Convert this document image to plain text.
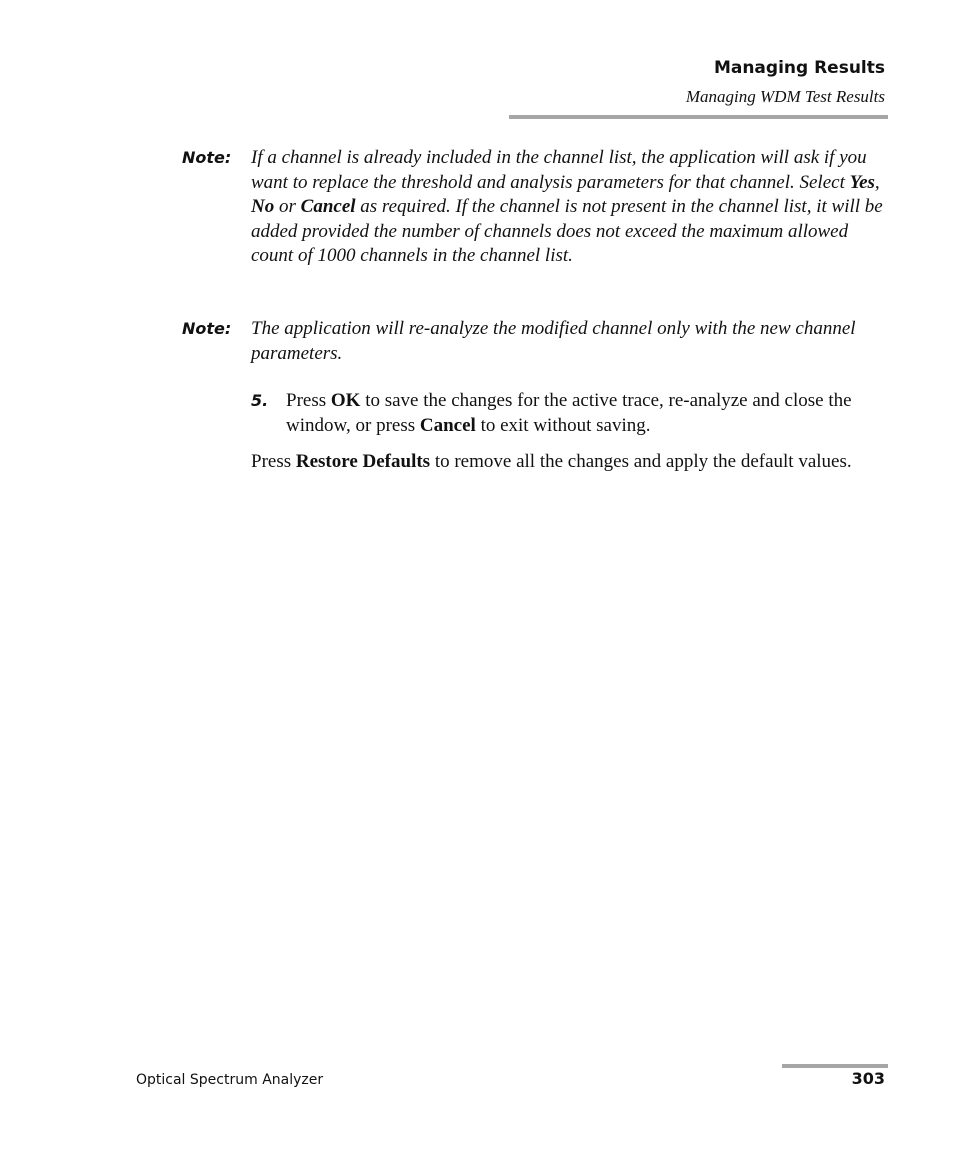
Managing Results
Managing WDM Test Results
Note: If a channel is already included in the channel list, the application will ask if you want to replace the threshold and analysis parameters for that channel. Select Yes, No or Cancel as required. If the channel is not present in the channel list, it will be added provided the number of channels does not exceed the maximum allowed count of 1000 channels in the channel list.
Note: The application will re-analyze the modified channel only with the new channel parameters.
5. Press OK to save the changes for the active trace, re-analyze and close the window, or press Cancel to exit without saving.
Press Restore Defaults to remove all the changes and apply the default values.
Optical Spectrum Analyzer	303
